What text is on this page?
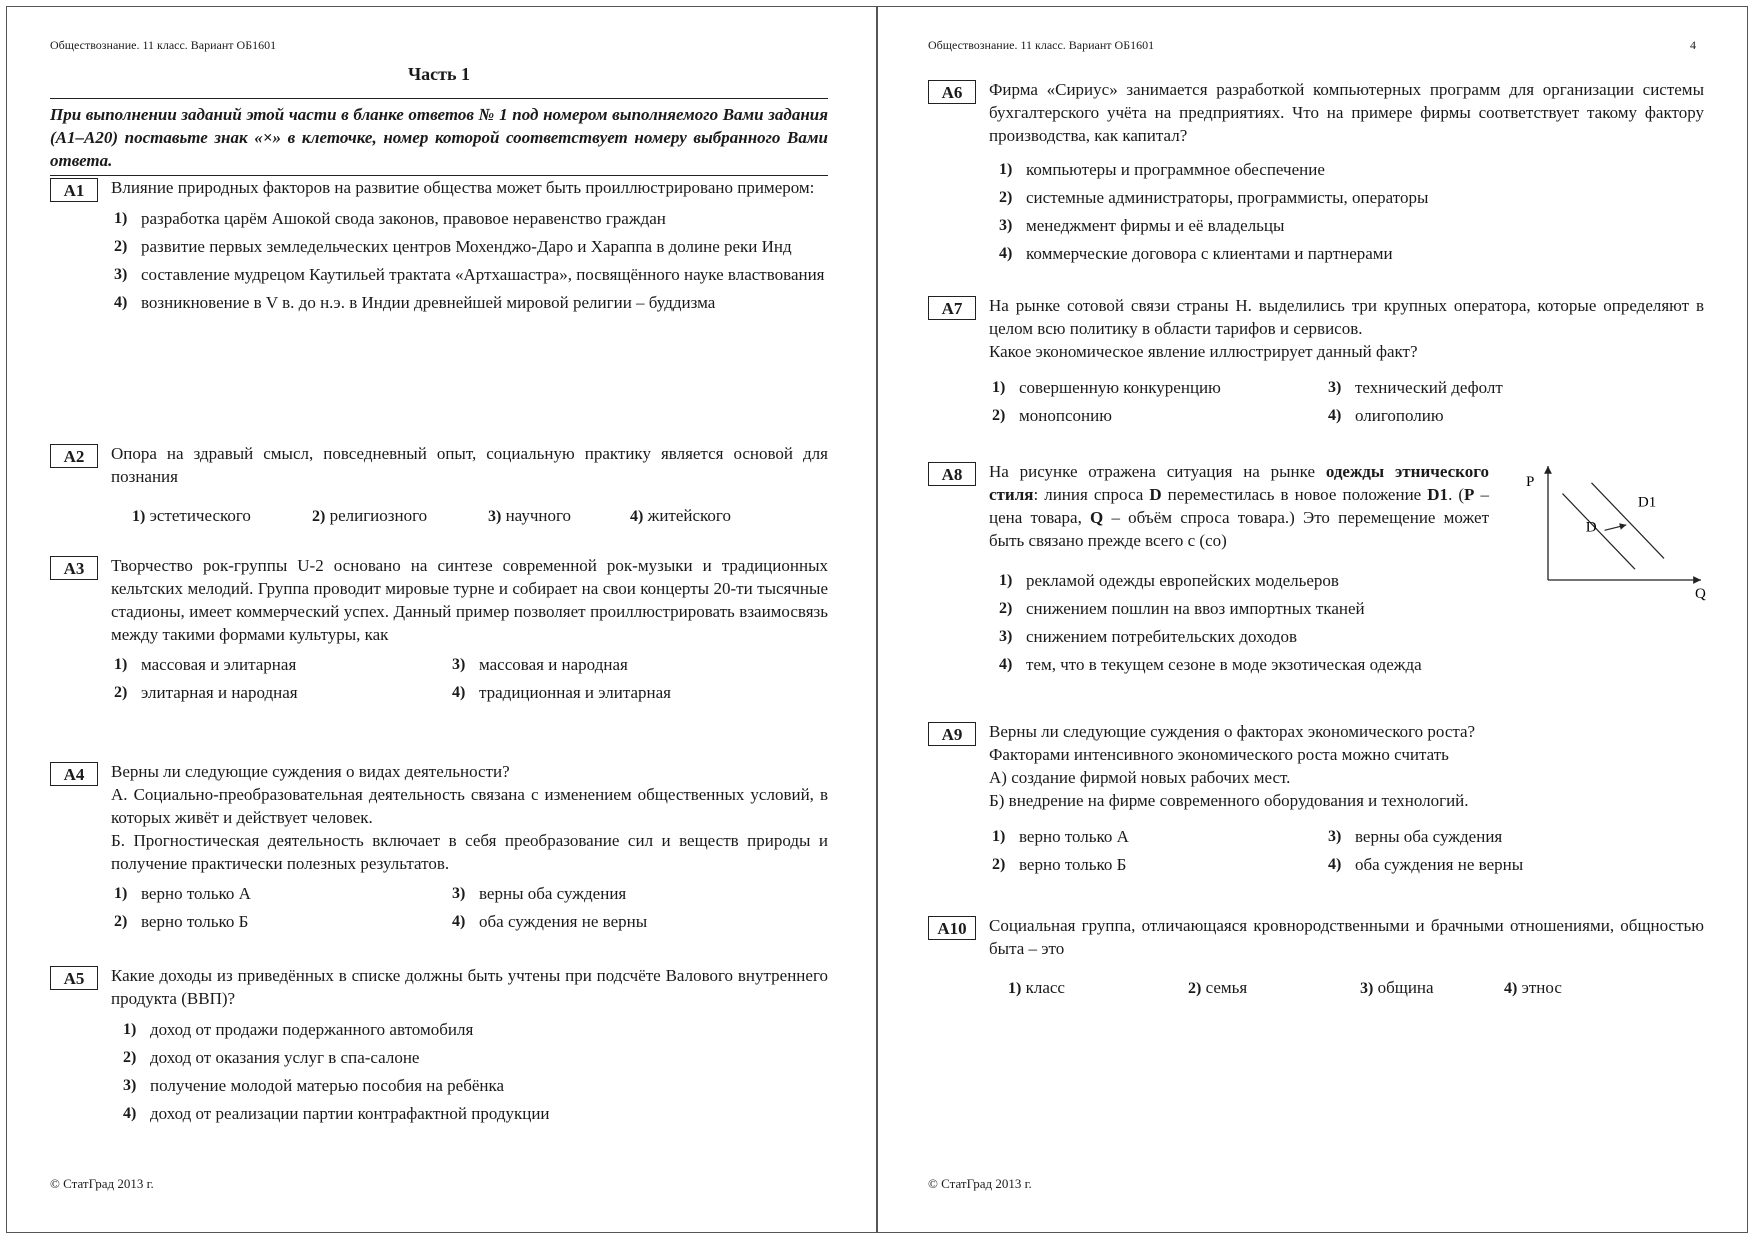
Обществознание. 11 класс. Вариант ОБ1601
Часть 1
При выполнении заданий этой части в бланке ответов № 1 под номером выполняемого Вами задания (А1–А20) поставьте знак «×» в клеточке, номер которой соответствует номеру выбранного Вами ответа.
А1	Влияние природных факторов на развитие общества может быть проиллюстрировано примером:
1) разработка царём Ашокой свода законов, правовое неравенство граждан
2) развитие первых земледельческих центров Мохенджо-Даро и Хараппа в долине реки Инд
3) составление мудрецом Каутильей трактата «Артхашастра», посвящённого науке властвования
4) возникновение в V в. до н.э. в Индии древнейшей мировой религии – буддизма
А2	Опора на здравый смысл, повседневный опыт, социальную практику является основой для познания
1) эстетического	2) религиозного	3) научного	4) житейского
А3	Творчество рок-группы U-2 основано на синтезе современной рок-музыки и традиционных кельтских мелодий. Группа проводит мировые турне и собирает на свои концерты 20-ти тысячные стадионы, имеет коммерческий успех. Данный пример позволяет проиллюстрировать взаимосвязь между такими формами культуры, как
1) массовая и элитарная	3) массовая и народная
2) элитарная и народная	4) традиционная и элитарная
А4	Верны ли следующие суждения о видах деятельности?
А. Социально-преобразовательная деятельность связана с изменением общественных условий, в которых живёт и действует человек.
Б. Прогностическая деятельность включает в себя преобразование сил и веществ природы и получение практически полезных результатов.
1) верно только А	3) верны оба суждения
2) верно только Б	4) оба суждения не верны
А5	Какие доходы из приведённых в списке должны быть учтены при подсчёте Валового внутреннего продукта (ВВП)?
1) доход от продажи подержанного автомобиля
2) доход от оказания услуг в спа-салоне
3) получение молодой матерью пособия на ребёнка
4) доход от реализации партии контрафактной продукции
© СтатГрад 2013 г.
Обществознание. 11 класс. Вариант ОБ1601	4
А6	Фирма «Сириус» занимается разработкой компьютерных программ для организации системы бухгалтерского учёта на предприятиях. Что на примере фирмы соответствует такому фактору производства, как капитал?
1) компьютеры и программное обеспечение
2) системные администраторы, программисты, операторы
3) менеджмент фирмы и её владельцы
4) коммерческие договора с клиентами и партнерами
А7	На рынке сотовой связи страны Н. выделились три крупных оператора, которые определяют в целом всю политику в области тарифов и сервисов.
Какое экономическое явление иллюстрирует данный факт?
1) совершенную конкуренцию	3) технический дефолт
2) монопсонию	4) олигополию
А8	На рисунке отражена ситуация на рынке одежды этнического стиля: линия спроса D переместилась в новое положение D1. (P – цена товара, Q – объём спроса товара.) Это перемещение может быть связано прежде всего с (со)
P
Q
D
D1
1) рекламой одежды европейских модельеров
2) снижением пошлин на ввоз импортных тканей
3) снижением потребительских доходов
4) тем, что в текущем сезоне в моде экзотическая одежда
А9	Верны ли следующие суждения о факторах экономического роста?
Факторами интенсивного экономического роста можно считать
А) создание фирмой новых рабочих мест.
Б) внедрение на фирме современного оборудования и технологий.
1) верно только А	3) верны оба суждения
2) верно только Б	4) оба суждения не верны
А10	Социальная группа, отличающаяся кровнородственными и брачными отношениями, общностью быта – это
1) класс	2) семья	3) община	4) этнос
© СтатГрад 2013 г.
